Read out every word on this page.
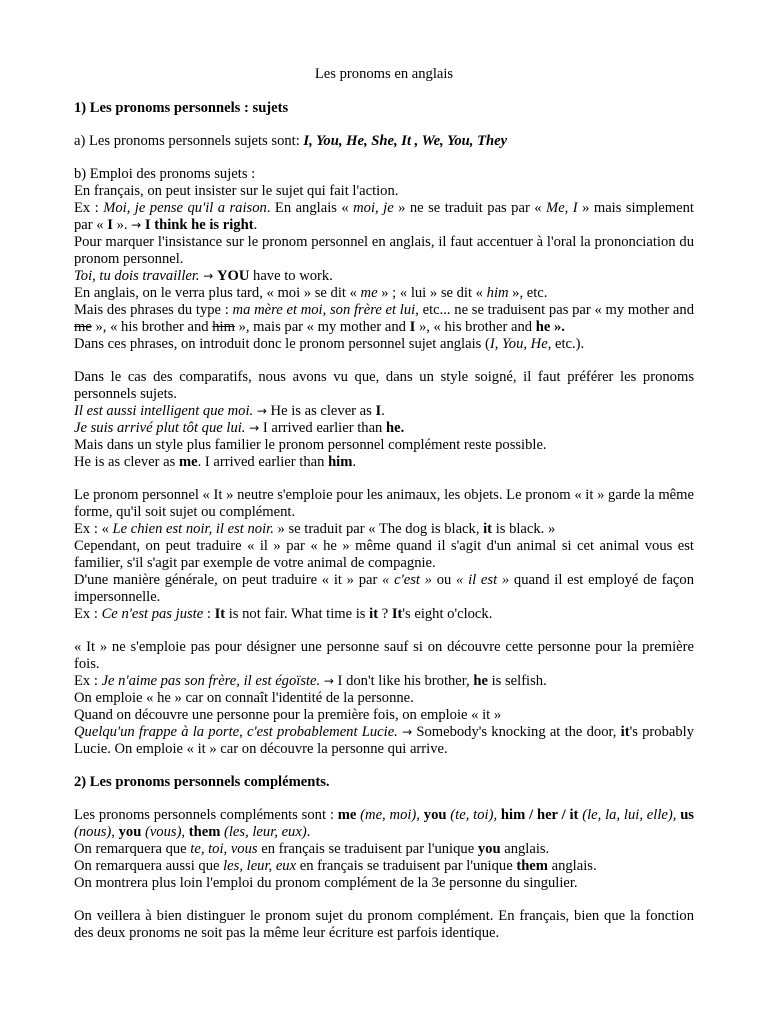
Les pronoms en anglais

1) Les pronoms personnels : sujets

a) Les pronoms personnels sujets sont: I, You, He, She, It , We, You, They

b) Emploi des pronoms sujets :

En français, on peut insister sur le sujet qui fait l'action.

Ex : Moi, je pense qu'il a raison. En anglais « moi, je » ne se traduit pas par « Me, I » mais simplement par « I ». → I think he is right.

Pour marquer l'insistance sur le pronom personnel en anglais, il faut accentuer à l'oral la prononciation du pronom personnel.

Toi, tu dois travailler. → YOU have to work.

En anglais, on le verra plus tard, « moi » se dit « me » ; « lui » se dit « him », etc.

Mais des phrases du type : ma mère et moi, son frère et lui, etc... ne se traduisent pas par « my mother and me », « his brother and him », mais par « my mother and I », « his brother and he ».

Dans ces phrases, on introduit donc le pronom personnel sujet anglais (I, You, He, etc.).

Dans le cas des comparatifs, nous avons vu que, dans un style soigné, il faut préférer les pronoms personnels sujets.

Il est aussi intelligent que moi. → He is as clever as I.

Je suis arrivé plut tôt que lui. → I arrived earlier than he.

Mais dans un style plus familier le pronom personnel complément reste possible.

He is as clever as me. I arrived earlier than him.

Le pronom personnel « It » neutre s'emploie pour les animaux, les objets. Le pronom « it » garde la même forme, qu'il soit sujet ou complément.

Ex : « Le chien est noir, il est noir. » se traduit par « The dog is black, it is black. »

Cependant, on peut traduire « il » par « he » même quand il s'agit d'un animal si cet animal vous est familier, s'il s'agit par exemple de votre animal de compagnie.

D'une manière générale, on peut traduire « it » par « c'est » ou « il est » quand il est employé de façon impersonnelle.

Ex : Ce n'est pas juste : It is not fair. What time is it ? It's eight o'clock.

« It » ne s'emploie pas pour désigner une personne sauf si on découvre cette personne pour la première fois.

Ex : Je n'aime pas son frère, il est égoïste. → I don't like his brother, he is selfish.

On emploie « he » car on connaît l'identité de la personne.

Quand on découvre une personne pour la première fois, on emploie « it »

Quelqu'un frappe à la porte, c'est probablement Lucie. → Somebody's knocking at the door, it's probably Lucie. On emploie « it » car on découvre la personne qui arrive.

2) Les pronoms personnels compléments.

Les pronoms personnels compléments sont : me (me, moi), you (te, toi), him / her / it (le, la, lui, elle), us (nous), you (vous), them (les, leur, eux).

On remarquera que te, toi, vous en français se traduisent par l'unique you anglais.

On remarquera aussi que les, leur, eux en français se traduisent par l'unique them anglais.

On montrera plus loin l'emploi du pronom complément de la 3e personne du singulier.

On veillera à bien distinguer le pronom sujet du pronom complément. En français, bien que la fonction des deux pronoms ne soit pas la même leur écriture est parfois identique.
